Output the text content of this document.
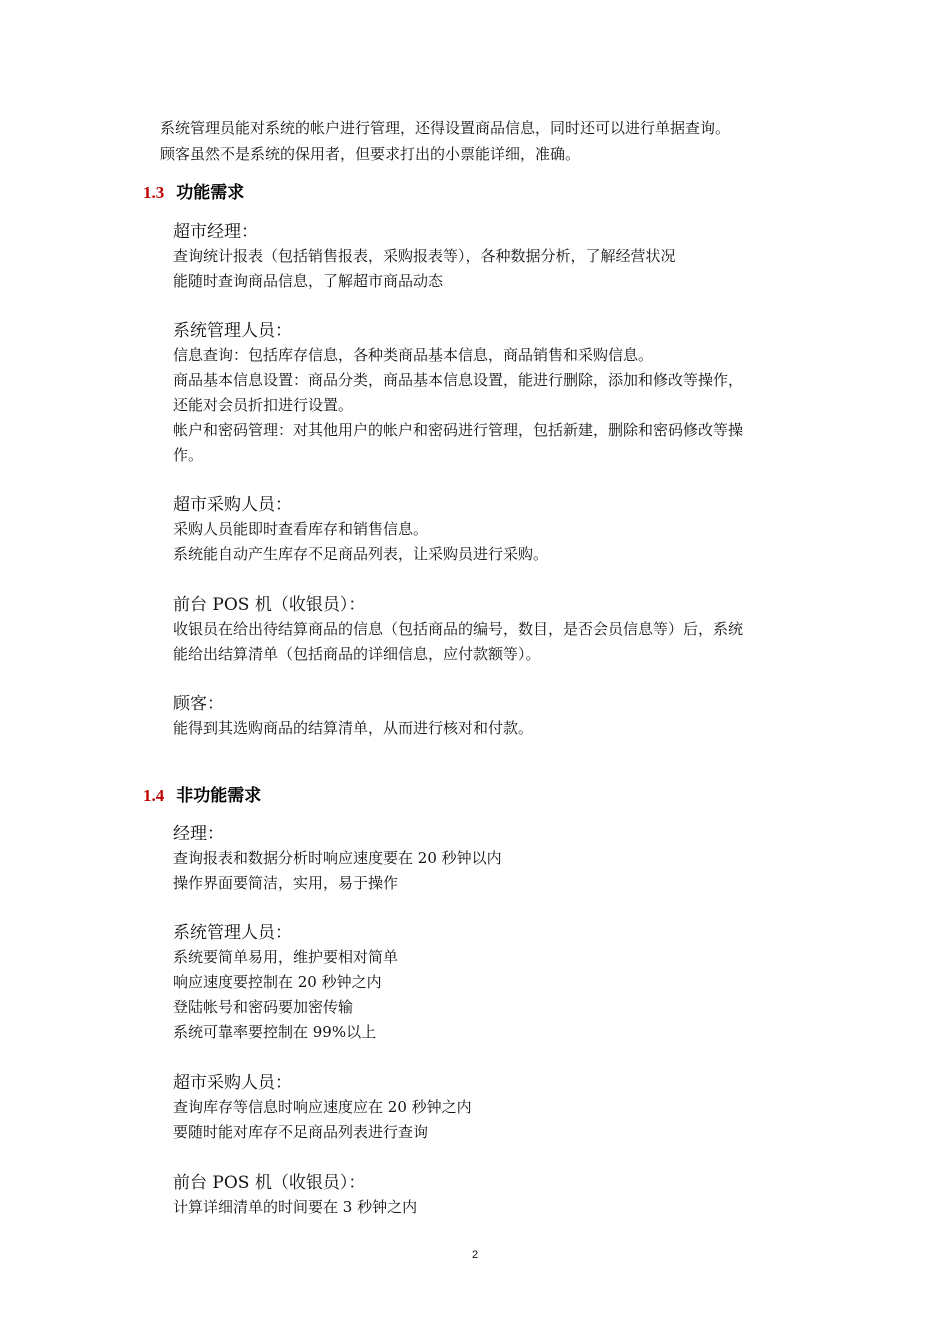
系统管理员能对系统的帐户进行管理，还得设置商品信息，同时还可以进行单据查询。

顾客虽然不是系统的保用者，但要求打出的小票能详细，准确。

1.3 功能需求
超市经理：
查询统计报表（包括销售报表，采购报表等），各种数据分析，了解经营状况
能随时查询商品信息，了解超市商品动态
系统管理人员：
信息查询：包括库存信息，各种类商品基本信息，商品销售和采购信息。
商品基本信息设置：商品分类，商品基本信息设置，能进行删除，添加和修改等操作，
还能对会员折扣进行设置。
帐户和密码管理：对其他用户的帐户和密码进行管理，包括新建，删除和密码修改等操
作。
超市采购人员：
采购人员能即时查看库存和销售信息。
系统能自动产生库存不足商品列表，让采购员进行采购。
前台 POS 机（收银员）：
收银员在给出待结算商品的信息（包括商品的编号，数目，是否会员信息等）后，系统
能给出结算清单（包括商品的详细信息，应付款额等）。
顾客：
能得到其选购商品的结算清单，从而进行核对和付款。
1.4 非功能需求
经理：
查询报表和数据分析时响应速度要在 20 秒钟以内
操作界面要简洁，实用，易于操作
系统管理人员：
系统要简单易用，维护要相对简单
响应速度要控制在 20 秒钟之内
登陆帐号和密码要加密传输
系统可靠率要控制在 99%以上
超市采购人员：
查询库存等信息时响应速度应在 20 秒钟之内
要随时能对库存不足商品列表进行查询
前台 POS 机（收银员）：
计算详细清单的时间要在 3 秒钟之内
2
